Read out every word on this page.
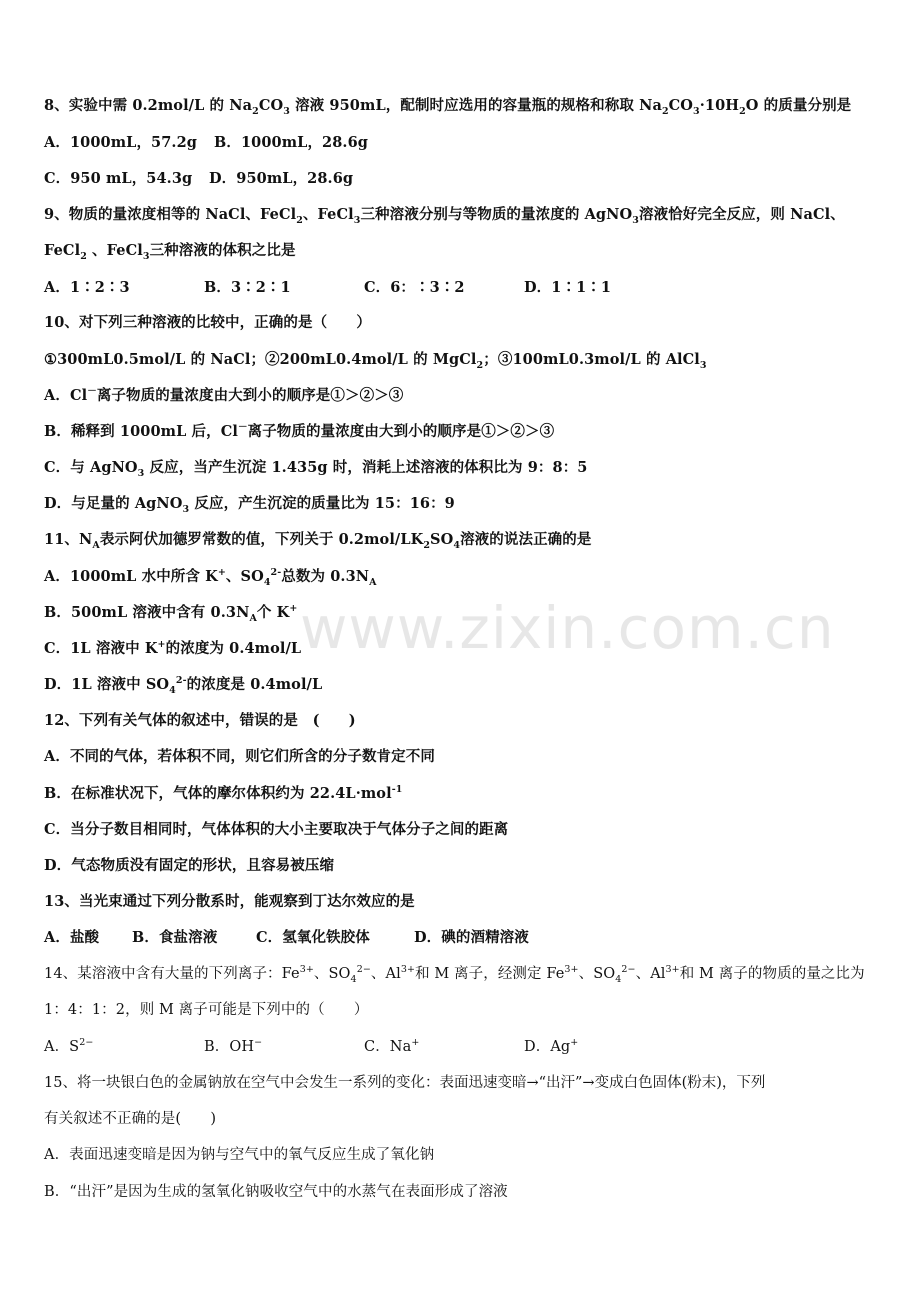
8、实验中需 0.2mol/L 的 $Na_2CO_3$ 溶液 950mL，配制时应选用的容量瓶的规格和称取 $Na_2CO_3\cdot 10H_2O$ 的质量分别是
A．1000mL，57.2g B．1000mL，28.6g
C．950 mL，54.3g D．950mL，28.6g
9、物质的量浓度相等的 NaCl、FeCl$_2$、FeCl$_3$三种溶液分别与等物质的量浓度的 AgNO$_3$溶液恰好完全反应，则 NaCl、
FeCl$_2$ 、FeCl$_3$三种溶液的体积之比是
A．1∶2∶3	B．3∶2∶1	C．6：∶3∶2	D．1∶1∶1
10、对下列三种溶液的比较中，正确的是（　　）
①300mL0.5mol/L 的 NaCl；②200mL0.4mol/L 的 MgCl$_2$；③100mL0.3mol/L 的 AlCl$_3$
A．Cl－离子物质的量浓度由大到小的顺序是①＞②＞③
B．稀释到 1000mL 后，Cl－离子物质的量浓度由大到小的顺序是①＞②＞③
C．与 AgNO$_3$ 反应，当产生沉淀 1.435g 时，消耗上述溶液的体积比为 9：8：5
D．与足量的 AgNO$_3$ 反应，产生沉淀的质量比为 15：16：9
11、$N_A$表示阿伏加德罗常数的值，下列关于 $0.2mol/LK_2SO_4$溶液的说法正确的是
A．1000mL 水中所含 K+、$SO_4^{2-}$总数为 $0.3N_A$
B．500mL 溶液中含有 $0.3N_A$个 K+
C．1L 溶液中 K+的浓度为 0.4mol/L
D．1L 溶液中 $SO_4^{2-}$的浓度是 0.4mol/L
12、下列有关气体的叙述中，错误的是　(　　)
A．不同的气体，若体积不同，则它们所含的分子数肯定不同
B．在标准状况下，气体的摩尔体积约为 22.4L·mol$^{-1}$
C．当分子数目相同时，气体体积的大小主要取决于气体分子之间的距离
D．气态物质没有固定的形状，且容易被压缩
13、当光束通过下列分散系时，能观察到丁达尔效应的是
A．盐酸 B．食盐溶液	C．氢氧化铁胶体	D．碘的酒精溶液
14、某溶液中含有大量的下列离子：$Fe^{3+}$、$SO_4^{2-}$、$Al^{3+}$和 M 离子，经测定 $Fe^{3+}$、$SO_4^{2-}$、$Al^{3+}$和 M 离子的物质的量之比为
1：4：1：2，则 M 离子可能是下列中的（　　）
A．$S^{2-}$	B．OH−	C．Na+	D．Ag+
15、将一块银白色的金属钠放在空气中会发生一系列的变化：表面迅速变暗→“出汗”→变成白色固体(粉末)，下列
有关叙述不正确的是(　　)
A．表面迅速变暗是因为钠与空气中的氧气反应生成了氧化钠
B．“出汗”是因为生成的氢氧化钠吸收空气中的水蒸气在表面形成了溶液
www.zixin.com.cn
